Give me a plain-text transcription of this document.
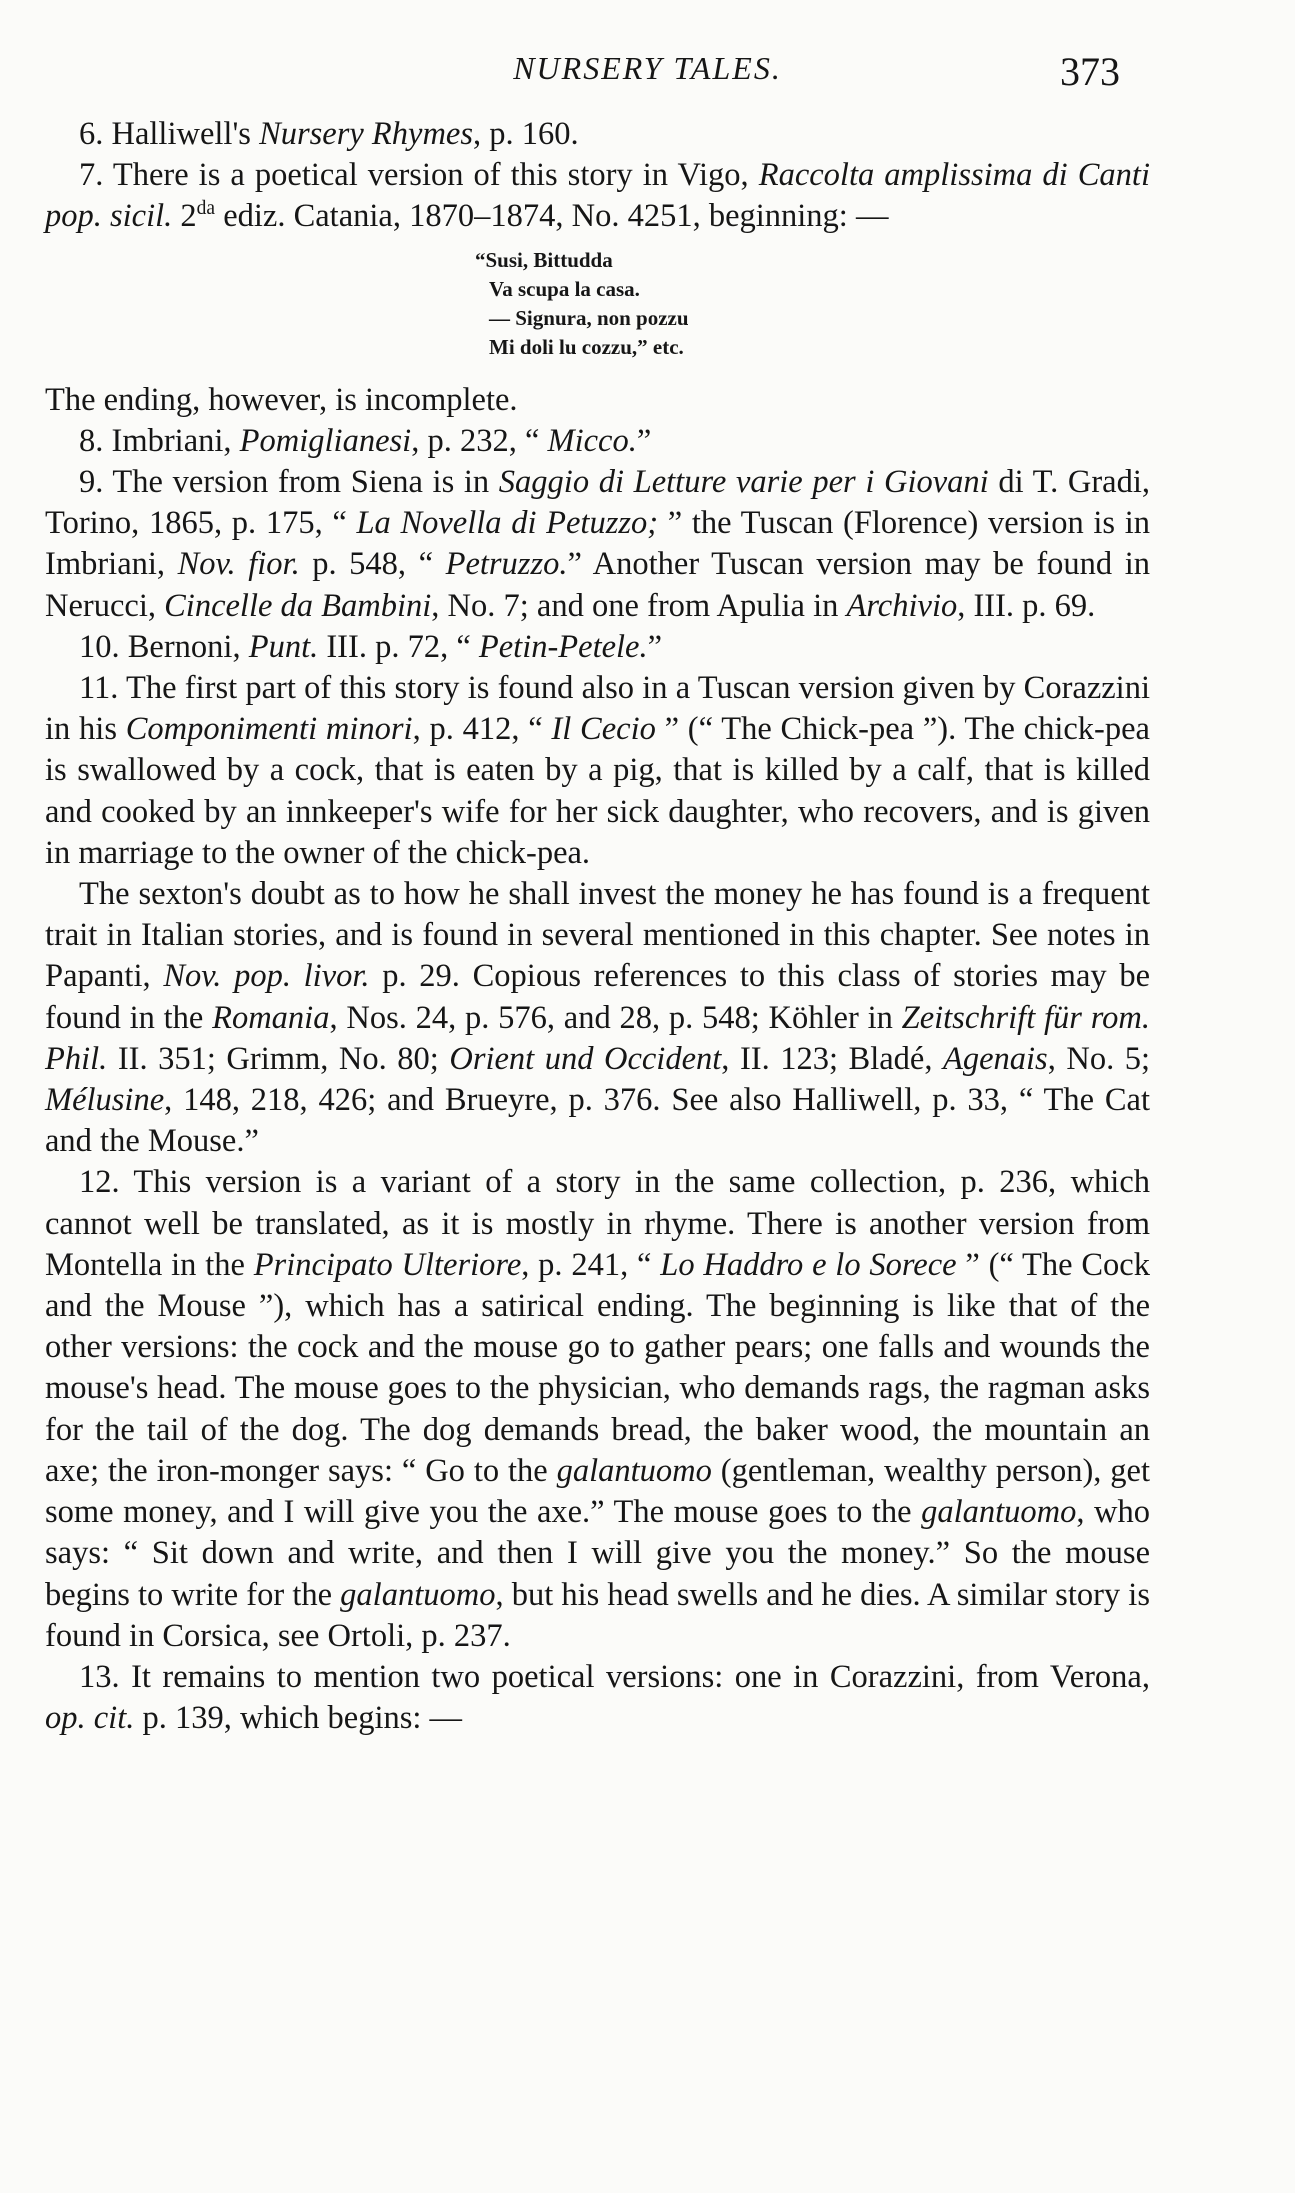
NURSERY TALES.	373

6. Halliwell's Nursery Rhymes, p. 160.

7. There is a poetical version of this story in Vigo, Raccolta amplissima di Canti pop. sicil. $2^{da}$ ediz. Catania, 1870–1874, No. 4251, beginning: —

“Susi, Bittudda
Va scupa la casa.
— Signura, non pozzu
Mi doli lu cozzu,” etc.

The ending, however, is incomplete.

8. Imbriani, Pomiglianesi, p. 232, “ Micco.”

9. The version from Siena is in Saggio di Letture varie per i Giovani di T. Gradi, Torino, 1865, p. 175, “ La Novella di Petuzzo; ” the Tuscan (Florence) version is in Imbriani, Nov. fior. p. 548, “ Petruzzo.” Another Tuscan version may be found in Nerucci, Cincelle da Bambini, No. 7; and one from Apulia in Archivio, III. p. 69.

10. Bernoni, Punt. III. p. 72, “ Petin-Petele.”

11. The first part of this story is found also in a Tuscan version given by Corazzini in his Componimenti minori, p. 412, “ Il Cecio ” (“ The Chick-pea ”). The chick-pea is swallowed by a cock, that is eaten by a pig, that is killed by a calf, that is killed and cooked by an innkeeper's wife for her sick daughter, who recovers, and is given in marriage to the owner of the chick-pea.

The sexton's doubt as to how he shall invest the money he has found is a frequent trait in Italian stories, and is found in several mentioned in this chapter. See notes in Papanti, Nov. pop. livor. p. 29. Copious references to this class of stories may be found in the Romania, Nos. 24, p. 576, and 28, p. 548; Köhler in Zeitschrift für rom. Phil. II. 351; Grimm, No. 80; Orient und Occident, II. 123; Bladé, Agenais, No. 5; Mélusine, 148, 218, 426; and Brueyre, p. 376. See also Halliwell, p. 33, “ The Cat and the Mouse.”

12. This version is a variant of a story in the same collection, p. 236, which cannot well be translated, as it is mostly in rhyme. There is another version from Montella in the Principato Ulteriore, p. 241, “ Lo Haddro e lo Sorece ” (“ The Cock and the Mouse ”), which has a satirical ending. The beginning is like that of the other versions: the cock and the mouse go to gather pears; one falls and wounds the mouse's head. The mouse goes to the physician, who demands rags, the ragman asks for the tail of the dog. The dog demands bread, the baker wood, the mountain an axe; the iron-monger says: “ Go to the galantuomo (gentleman, wealthy person), get some money, and I will give you the axe.” The mouse goes to the galantuomo, who says: “ Sit down and write, and then I will give you the money.” So the mouse begins to write for the galantuomo, but his head swells and he dies. A similar story is found in Corsica, see Ortoli, p. 237.

13. It remains to mention two poetical versions: one in Corazzini, from Verona, op. cit. p. 139, which begins: —
